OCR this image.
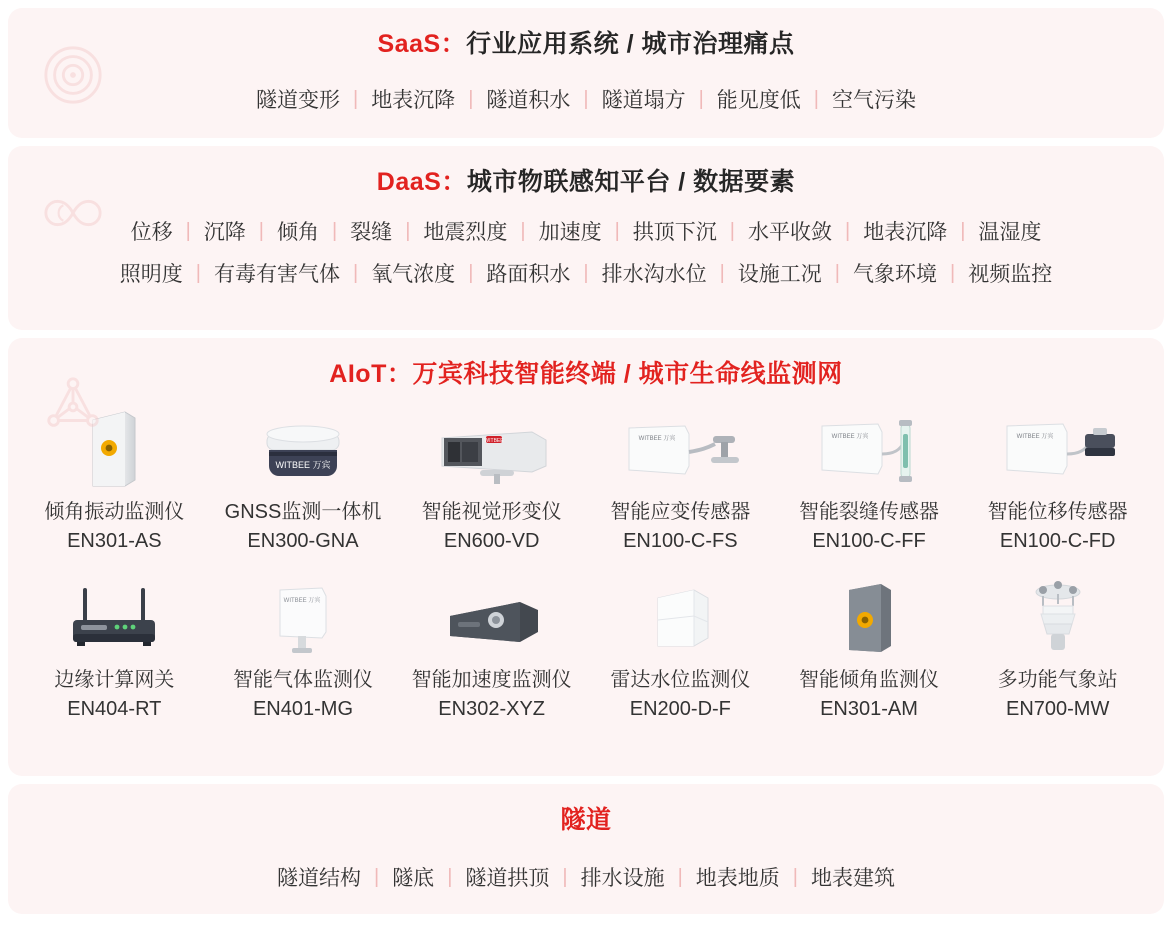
SaaS：行业应用系统 / 城市治理痛点
隧道变形 | 地表沉降 | 隧道积水 | 隧道塌方 | 能见度低 | 空气污染
DaaS：城市物联感知平台 / 数据要素
位移 | 沉降 | 倾角 | 裂缝 | 地震烈度 | 加速度 | 拱顶下沉 | 水平收敛 | 地表沉降 | 温湿度
照明度 | 有毒有害气体 | 氧气浓度 | 路面积水 | 排水沟水位 | 设施工况 | 气象环境 | 视频监控
AIoT：万宾科技智能终端 / 城市生命线监测网
倾角振动监测仪
EN301-AS
WITBEE 万宾
GNSS监测一体机
EN300-GNA
WITBEE
智能视觉形变仪
EN600-VD
WITBEE 万宾
智能应变传感器
EN100-C-FS
WITBEE 万宾
智能裂缝传感器
EN100-C-FF
WITBEE 万宾
智能位移传感器
EN100-C-FD
边缘计算网关
EN404-RT
WITBEE 万宾
智能气体监测仪
EN401-MG
智能加速度监测仪
EN302-XYZ
雷达水位监测仪
EN200-D-F
智能倾角监测仪
EN301-AM
多功能气象站
EN700-MW
隧道
隧道结构 | 隧底 | 隧道拱顶 | 排水设施 | 地表地质 | 地表建筑
